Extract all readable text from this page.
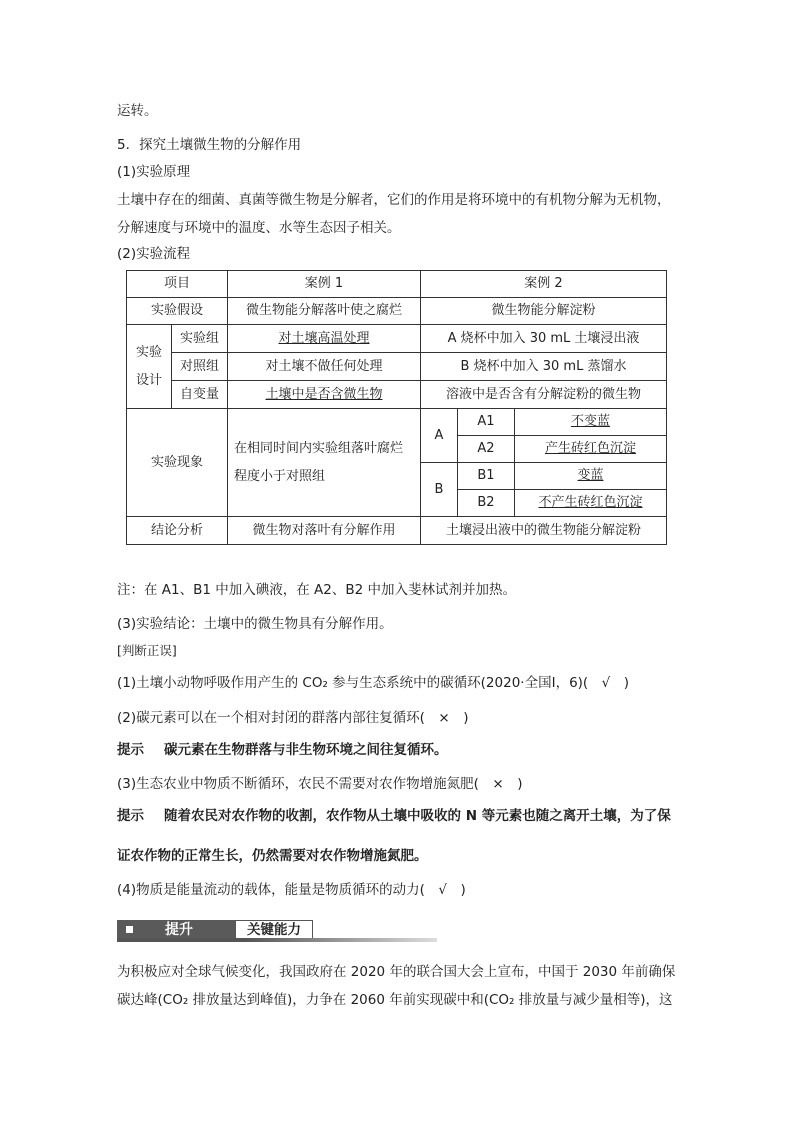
运转。
5．探究土壤微生物的分解作用
(1)实验原理
土壤中存在的细菌、真菌等微生物是分解者，它们的作用是将环境中的有机物分解为无机物，分解速度与环境中的温度、水等生态因子相关。
(2)实验流程
项目		案例 1	案例 2		
实验假设		微生物能分解落叶使之腐烂	微生物能分解淀粉		
实验设计	实验组	对土壤高温处理	A 烧杯中加入 30 mL 土壤浸出液		
	对照组	对土壤不做任何处理	B 烧杯中加入 30 mL 蒸馏水		
	自变量	土壤中是否含微生物	溶液中是否含有分解淀粉的微生物		
实验现象		在相同时间内实验组落叶腐烂程度小于对照组	A	A1	不变蓝
				A2	产生砖红色沉淀
			B	B1	变蓝
				B2	不产生砖红色沉淀
结论分析		微生物对落叶有分解作用	土壤浸出液中的微生物能分解淀粉		
注：在 A1、B1 中加入碘液，在 A2、B2 中加入斐林试剂并加热。
(3)实验结论：土壤中的微生物具有分解作用。
[判断正误]
(1)土壤小动物呼吸作用产生的 CO₂ 参与生态系统中的碳循环(2020·全国Ⅰ，6)(　√　)
(2)碳元素可以在一个相对封闭的群落内部往复循环(　×　)
提示 碳元素在生物群落与非生物环境之间往复循环。
(3)生态农业中物质不断循环，农民不需要对农作物增施氮肥(　×　)
提示 随着农民对农作物的收割，农作物从土壤中吸收的 N 等元素也随之离开土壤，为了保
证农作物的正常生长，仍然需要对农作物增施氮肥。
(4)物质是能量流动的载体，能量是物质循环的动力(　√　)
提升	关键能力
为积极应对全球气候变化，我国政府在 2020 年的联合国大会上宣布，中国于 2030 年前确保碳达峰(CO₂ 排放量达到峰值)，力争在 2060 年前实现碳中和(CO₂ 排放量与减少量相等)，这
